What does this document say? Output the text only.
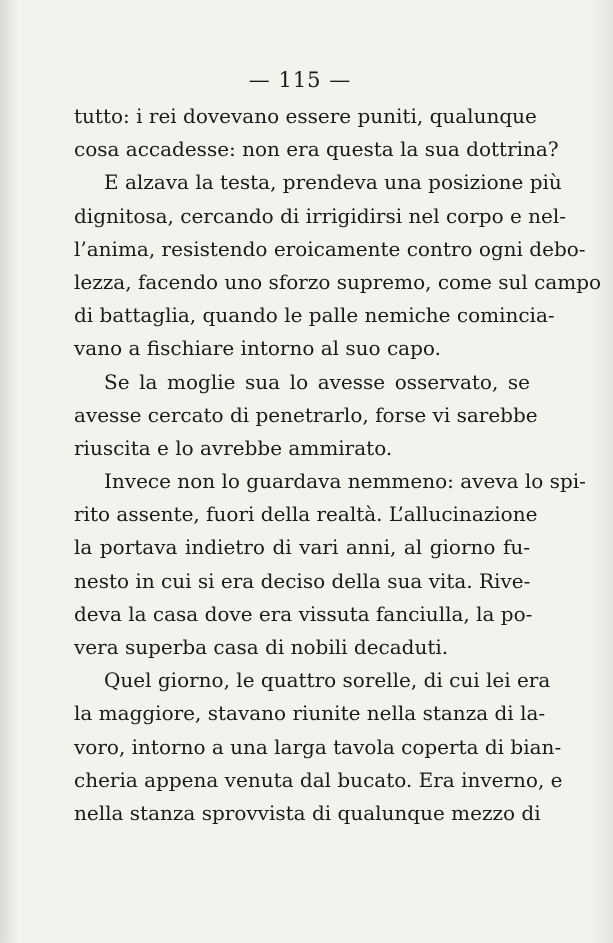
— 115 —
tutto: i rei dovevano essere puniti, qualunque
cosa accadesse: non era questa la sua dottrina?
E alzava la testa, prendeva una posizione più
dignitosa, cercando di irrigidirsi nel corpo e nel-
l’anima, resistendo eroicamente contro ogni debo-
lezza, facendo uno sforzo supremo, come sul campo
di battaglia, quando le palle nemiche comincia-
vano a fischiare intorno al suo capo.
Se la moglie sua lo avesse osservato, se
avesse cercato di penetrarlo, forse vi sarebbe
riuscita e lo avrebbe ammirato.
Invece non lo guardava nemmeno: aveva lo spi-
rito assente, fuori della realtà. L’allucinazione
la portava indietro di vari anni, al giorno fu-
nesto in cui si era deciso della sua vita. Rive-
deva la casa dove era vissuta fanciulla, la po-
vera superba casa di nobili decaduti.
Quel giorno, le quattro sorelle, di cui lei era
la maggiore, stavano riunite nella stanza di la-
voro, intorno a una larga tavola coperta di bian-
cheria appena venuta dal bucato. Era inverno, e
nella stanza sprovvista di qualunque mezzo di
